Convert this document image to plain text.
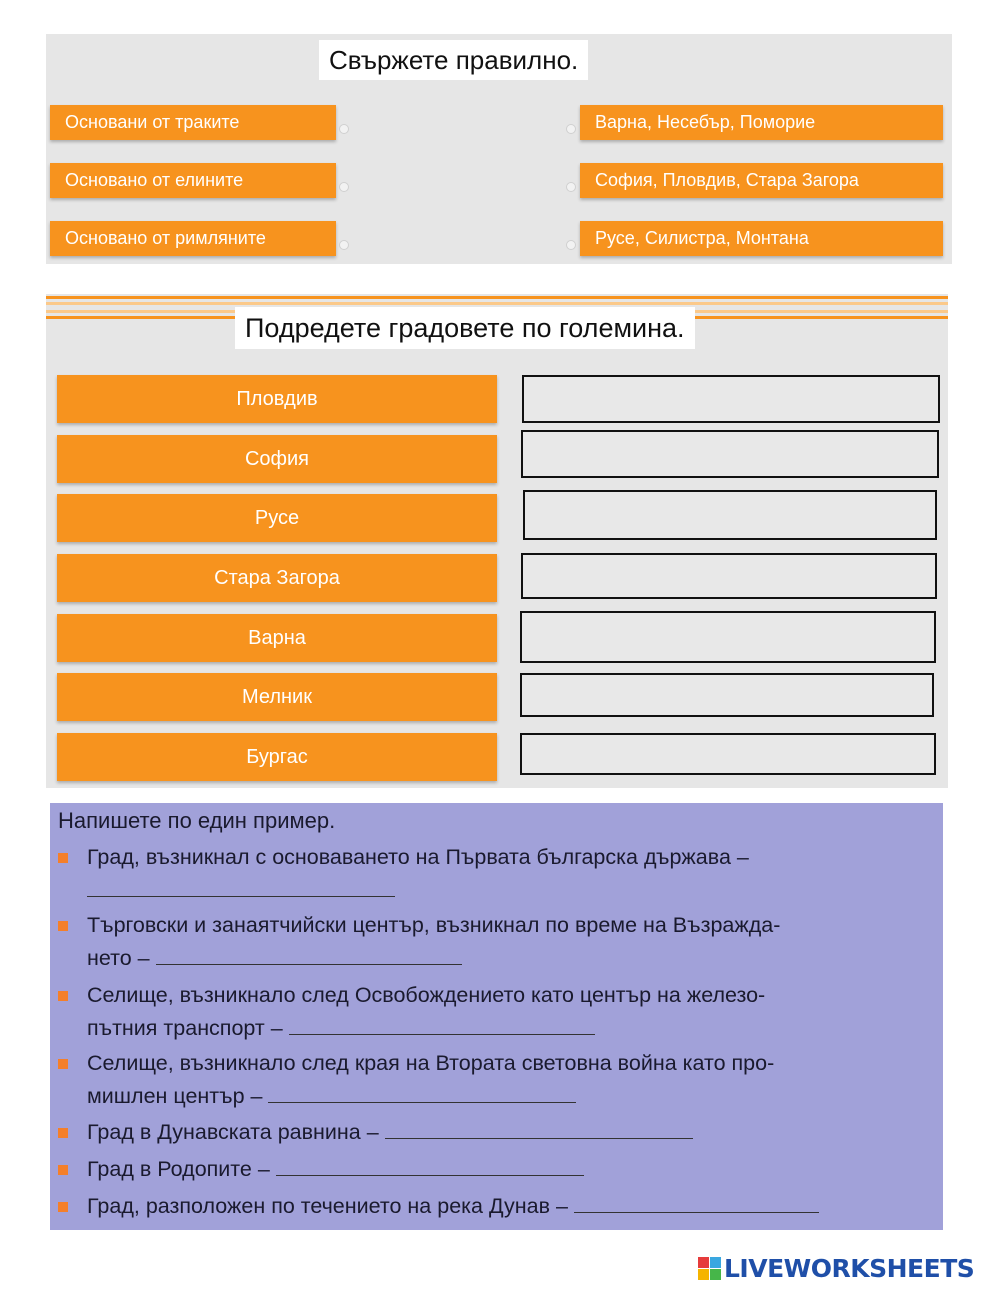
Свържете правилно.
Основани от траките
Основано от елините
Основано от римляните
Варна, Несебър, Поморие
София, Пловдив, Стара Загора
Русе, Силистра, Монтана
Подредете градовете по големина.
Пловдив
София
Русе
Стара Загора
Варна
Мелник
Бургас
Напишете по един пример.
Град, възникнал с основаването на Първата българска държава –
Търговски и занаятчийски център, възникнал по време на Възражда-
нето –
Селище, възникнало след Освобождението като център на железо-
пътния транспорт –
Селище, възникнало след края на Втората световна война като про-
мишлен център –
Град в Дунавската равнина –
Град в Родопите –
Град, разположен по течението на река Дунав –
LIVEWORKSHEETS
